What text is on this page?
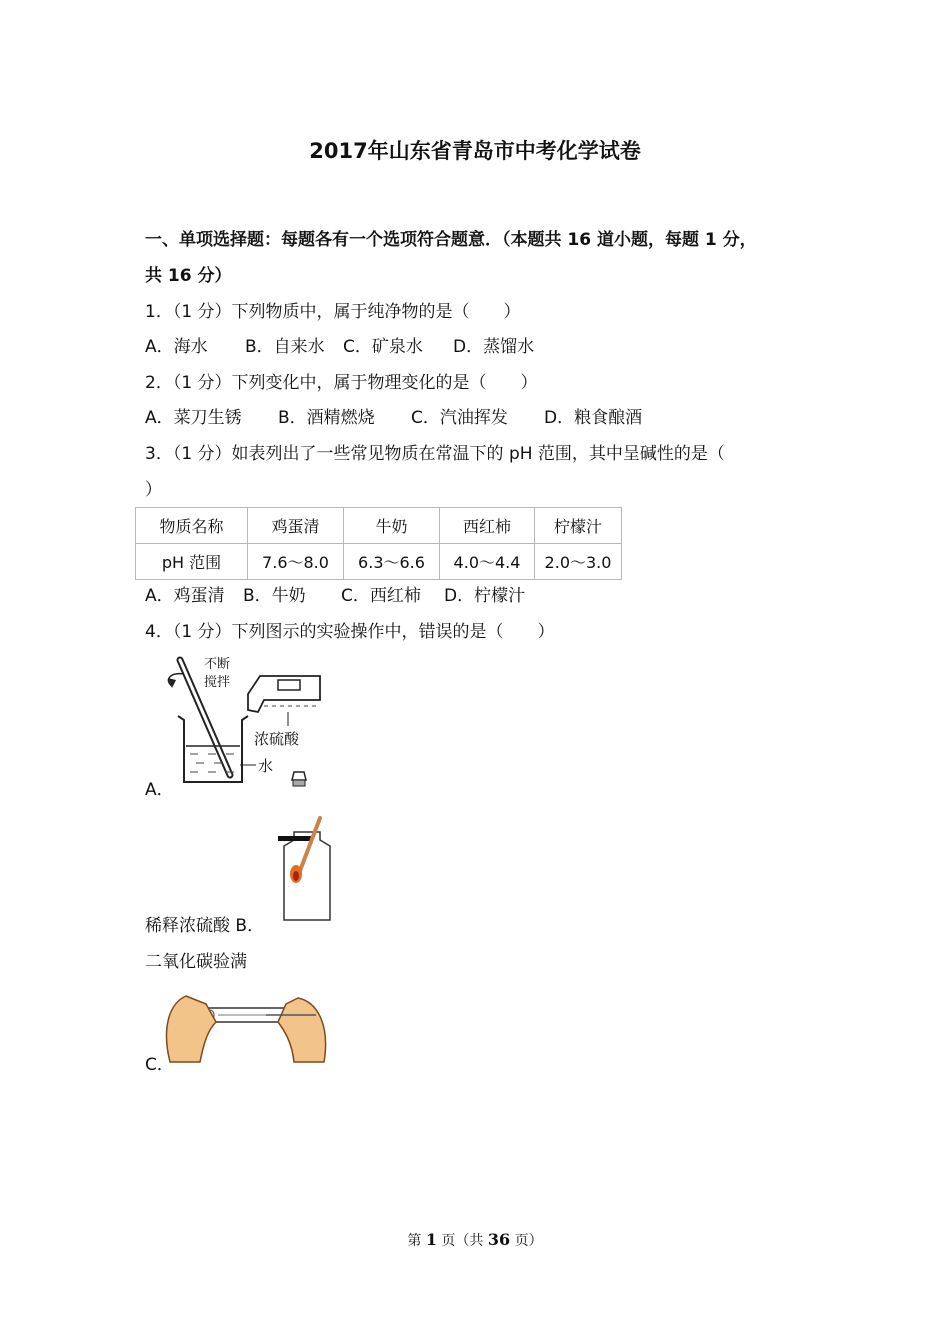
2017年山东省青岛市中考化学试卷
一、单项选择题：每题各有一个选项符合题意．（本题共 16 道小题，每题 1 分，
共 16 分）
1．（1 分）下列物质中，属于纯净物的是（　　）
A．海水 B．自来水 C．矿泉水 D．蒸馏水
2．（1 分）下列变化中，属于物理变化的是（　　）
A．菜刀生锈 B．酒精燃烧 C．汽油挥发 D．粮食酿酒
3．（1 分）如表列出了一些常见物质在常温下的 pH 范围，其中呈碱性的是（
）
物质名称	鸡蛋清	牛奶	西红柿	柠檬汁
pH 范围	7.6～8.0	6.3～6.6	4.0～4.4	2.0～3.0
A．鸡蛋清 B．牛奶 C．西红柿 D．柠檬汁
4．（1 分）下列图示的实验操作中，错误的是（　　）
不断
搅拌
浓硫酸
水
A．
稀释浓硫酸 B．
二氧化碳验满
C．
第 1 页（共 36 页）
